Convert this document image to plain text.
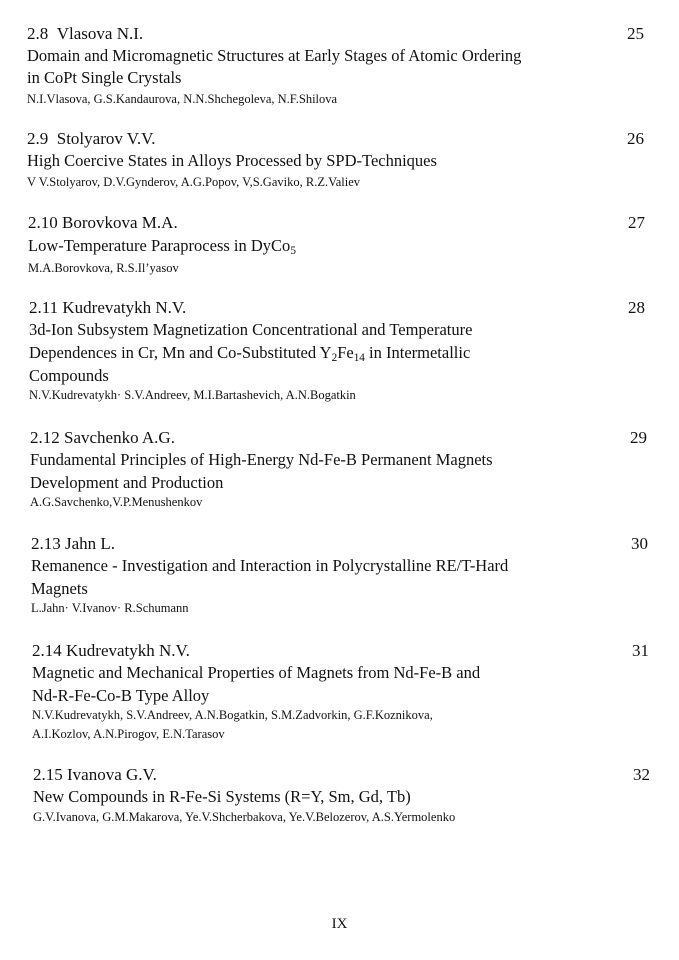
2.8 Vlasova N.I.	25
Domain and Micromagnetic Structures at Early Stages of Atomic Ordering
in CoPt Single Crystals
N.I.Vlasova, G.S.Kandaurova, N.N.Shchegoleva, N.F.Shilova
2.9 Stolyarov V.V.	26
High Coercive States in Alloys Processed by SPD-Techniques
V V.Stolyarov, D.V.Gynderov, A.G.Popov, V,S.Gaviko, R.Z.Valiev
2.10 Borovkova M.A.	27
Low-Temperature Paraprocess in DyCo$_5$
M.A.Borovkova, R.S.Il’yasov
2.11 Kudrevatykh N.V.	28
3d-Ion Subsystem Magnetization Concentrational and Temperature
Dependences in Cr, Mn and Co-Substituted $Y_2Fe_{14}$ in Intermetallic
Compounds
N.V.Kudrevatykh· S.V.Andreev, M.I.Bartashevich, A.N.Bogatkin
2.12 Savchenko A.G.	29
Fundamental Principles of High-Energy Nd-Fe-B Permanent Magnets
Development and Production
A.G.Savchenko,V.P.Menushenkov
2.13 Jahn L.	30
Remanence - Investigation and Interaction in Polycrystalline RE/T-Hard
Magnets
L.Jahn· V.Ivanov· R.Schumann
2.14 Kudrevatykh N.V.	31
Magnetic and Mechanical Properties of Magnets from Nd-Fe-B and
Nd-R-Fe-Co-B Type Alloy
N.V.Kudrevatykh, S.V.Andreev, A.N.Bogatkin, S.M.Zadvorkin, G.F.Koznikova,
A.I.Kozlov, A.N.Pirogov, E.N.Tarasov
2.15 Ivanova G.V.	32
New Compounds in R-Fe-Si Systems (R=Y, Sm, Gd, Tb)
G.V.Ivanova, G.M.Makarova, Ye.V.Shcherbakova, Ye.V.Belozerov, A.S.Yermolenko
IX
